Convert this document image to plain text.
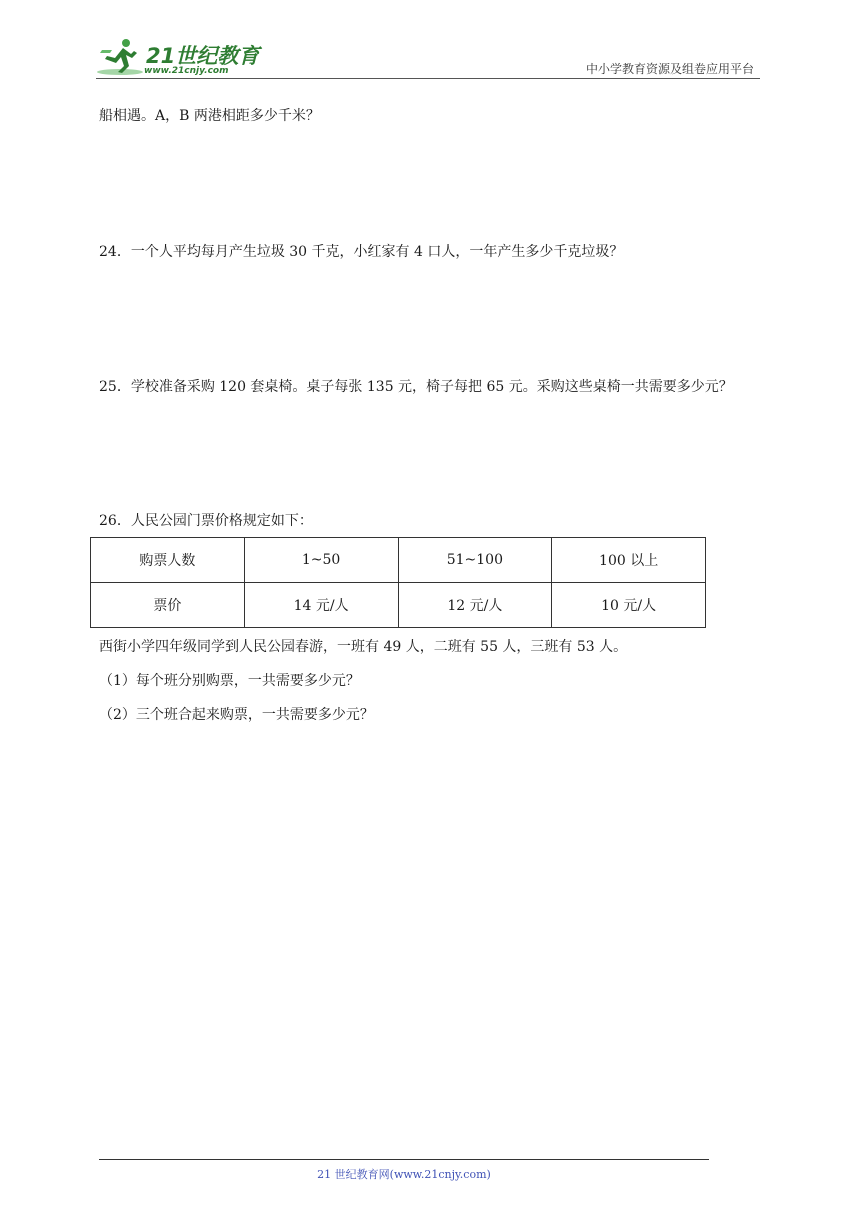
21世纪教育
www.21cnjy.com	中小学教育资源及组卷应用平台
船相遇。A，B 两港相距多少千米？
24．一个人平均每月产生垃圾 30 千克，小红家有 4 口人，一年产生多少千克垃圾？
25．学校准备采购 120 套桌椅。桌子每张 135 元，椅子每把 65 元。采购这些桌椅一共需要多少元？
26．人民公园门票价格规定如下：
购票人数	1~50	51~100	100 以上
票价	14 元/人	12 元/人	10 元/人
西街小学四年级同学到人民公园春游，一班有 49 人，二班有 55 人，三班有 53 人。
（1）每个班分别购票，一共需要多少元？
（2）三个班合起来购票，一共需要多少元？
21 世纪教育网(www.21cnjy.com)
